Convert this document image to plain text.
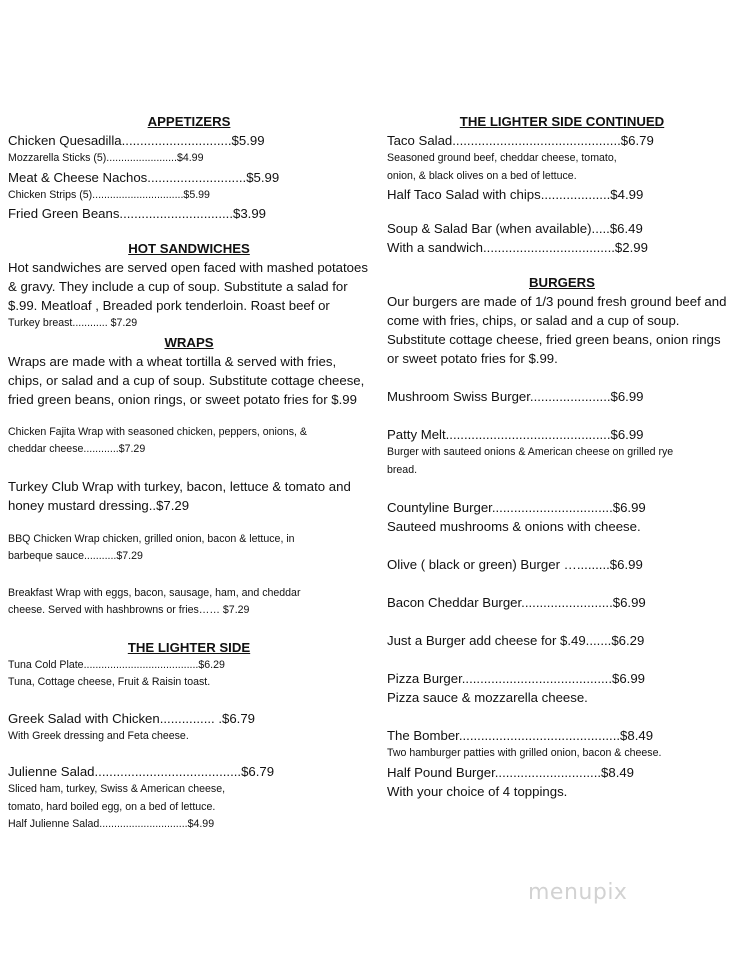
APPETIZERS

Chicken Quesadilla..............................$5.99

Mozzarella Sticks (5)........................$4.99

Meat & Cheese Nachos...........................$5.99

Chicken Strips (5)...............................$5.99

Fried Green Beans...............................$3.99

HOT SANDWICHES

Hot sandwiches are served open faced with mashed potatoes

& gravy. They include a cup of soup. Substitute a salad for

$.99. Meatloaf , Breaded pork tenderloin. Roast beef or

Turkey breast............ $7.29

WRAPS

Wraps are made with a wheat tortilla & served with fries,

chips, or salad and a cup of soup. Substitute cottage cheese,

fried green beans, onion rings, or sweet potato fries for $.99

Chicken Fajita Wrap with seasoned chicken, peppers, onions, &

cheddar cheese............$7.29

Turkey Club Wrap with turkey, bacon, lettuce & tomato and

honey mustard dressing..$7.29

BBQ Chicken Wrap chicken, grilled onion, bacon & lettuce, in

barbeque sauce...........$7.29

Breakfast Wrap with eggs, bacon, sausage, ham, and cheddar

cheese. Served with hashbrowns or fries…… $7.29

THE LIGHTER SIDE

Tuna Cold Plate.......................................$6.29

Tuna, Cottage cheese, Fruit & Raisin toast.

Greek Salad with Chicken............... .$6.79

With Greek dressing and Feta cheese.

Julienne Salad........................................$6.79

Sliced ham, turkey, Swiss & American cheese,

tomato, hard boiled egg, on a bed of lettuce.

Half Julienne Salad..............................$4.99

THE LIGHTER SIDE CONTINUED

Taco Salad..............................................$6.79

Seasoned ground beef, cheddar cheese, tomato,

onion, & black olives on a bed of lettuce.

Half Taco Salad with chips...................$4.99

Soup & Salad Bar (when available).....$6.49

With a sandwich....................................$2.99

BURGERS

Our burgers are made of 1/3 pound fresh ground beef and

come with fries, chips, or salad and a cup of soup.

Substitute cottage cheese, fried green beans, onion rings

or sweet potato fries for $.99.

Mushroom Swiss Burger......................$6.99

Patty Melt.............................................$6.99

Burger with sauteed onions & American cheese on grilled rye

bread.

Countyline Burger.................................$6.99

Sauteed mushrooms & onions with cheese.

Olive ( black or green) Burger ….........$6.99

Bacon Cheddar Burger.........................$6.99

Just a Burger add cheese for $.49.......$6.29

Pizza Burger.........................................$6.99

Pizza sauce & mozzarella cheese.

The Bomber............................................$8.49

Two hamburger patties with grilled onion, bacon & cheese.

Half Pound Burger.............................$8.49

With your choice of 4 toppings.

menupix
